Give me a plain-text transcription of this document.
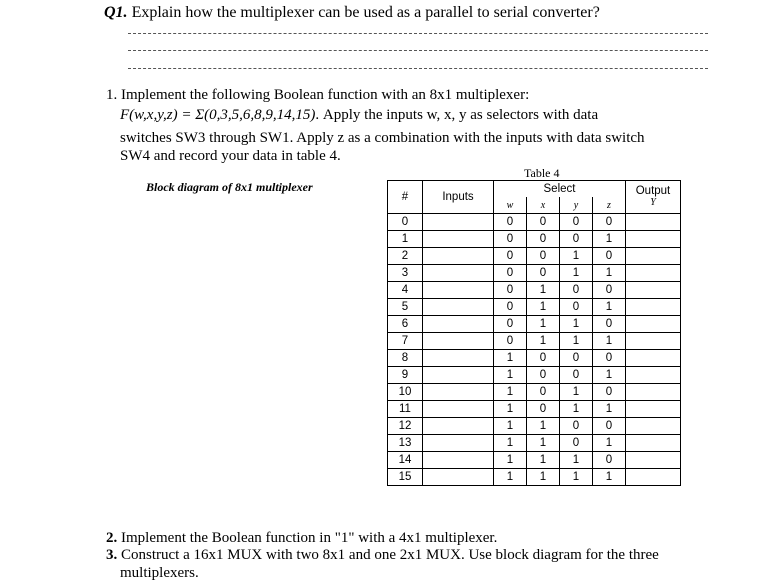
Q1. Explain how the multiplexer can be used as a parallel to serial converter?
1. Implement the following Boolean function with an 8x1 multiplexer:
F(w,x,y,z) = Σ(0,3,5,6,8,9,14,15). Apply the inputs w, x, y as selectors with data
switches SW3 through SW1. Apply z as a combination with the inputs with data switch
SW4 and record your data in table 4.
Block diagram of 8x1 multiplexer
Table 4
#	Inputs	Select				Output
Y

		w	x	y	z	
0		0	0	0	0	
1		0	0	0	1	
2		0	0	1	0	
3		0	0	1	1	
4		0	1	0	0	
5		0	1	0	1	
6		0	1	1	0	
7		0	1	1	1	
8		1	0	0	0	
9		1	0	0	1	
10		1	0	1	0	
11		1	0	1	1	
12		1	1	0	0	
13		1	1	0	1	
14		1	1	1	0	
15		1	1	1	1	
2. Implement the Boolean function in "1" with a 4x1 multiplexer.
3. Construct a 16x1 MUX with two 8x1 and one 2x1 MUX. Use block diagram for the three
multiplexers.
